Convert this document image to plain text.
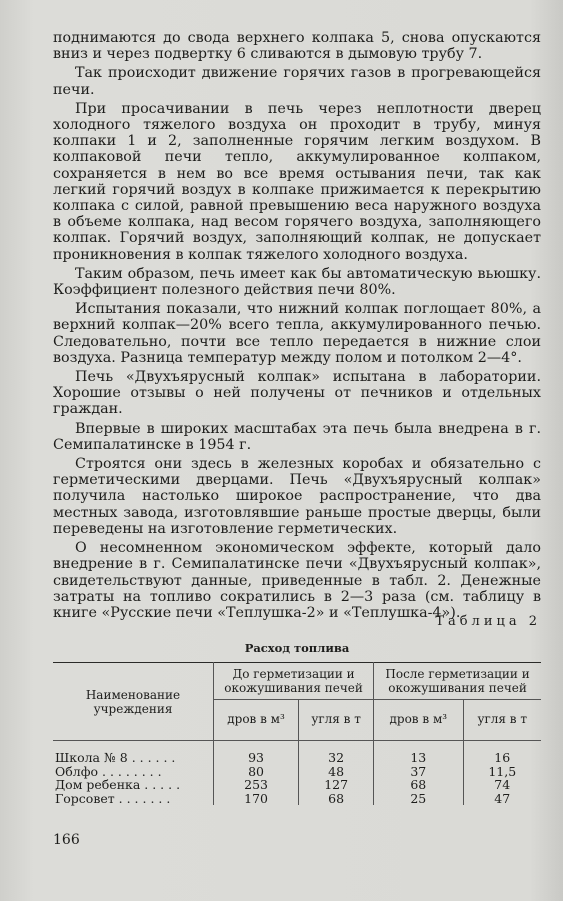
поднимаются до свода верхнего колпака 5, снова опускаются вниз и через подвертку 6 сливаются в дымовую трубу 7.

Так происходит движение горячих газов в прогревающейся печи.

При просачивании в печь через неплотности дверец холодного тяжелого воздуха он проходит в трубу, минуя колпаки 1 и 2, заполненные горячим легким воздухом. В колпаковой печи тепло, аккумулированное колпаком, сохраняется в нем во все время остывания печи, так как легкий горячий воздух в колпаке прижимается к перекрытию колпака с силой, равной превышению веса наружного воздуха в объеме колпака, над весом горячего воздуха, заполняющего колпак. Горячий воздух, заполняющий колпак, не допускает проникновения в колпак тяжелого холодного воздуха.

Таким образом, печь имеет как бы автоматическую вьюшку. Коэффициент полезного действия печи 80%.

Испытания показали, что нижний колпак поглощает 80%, а верхний колпак—20% всего тепла, аккумулированного печью. Следовательно, почти все тепло передается в нижние слои воздуха. Разница температур между полом и потолком 2—4°.

Печь «Двухъярусный колпак» испытана в лаборатории. Хорошие отзывы о ней получены от печников и отдельных граждан.

Впервые в широких масштабах эта печь была внедрена в г. Семипалатинске в 1954 г.

Строятся они здесь в железных коробах и обязательно с герметическими дверцами. Печь «Двухъярусный колпак» получила настолько широкое распространение, что два местных завода, изготовлявшие раньше простые дверцы, были переведены на изготовление герметических.

О несомненном экономическом эффекте, который дало внедрение в г. Семипалатинске печи «Двухъярусный колпак», свидетельствуют данные, приведенные в табл. 2. Денежные затраты на топливо сократились в 2—3 раза (см. таблицу в книге «Русские печи «Теплушка-2» и «Теплушка-4»).

Таблица 2
Расход топлива
Наименование учреждения	До герметизации и окожушивания печей		После герметизации и окожушивания печей	
	дров в м³	угля в т	дров в м³	угля в т
Школа № 8 . . . . . .	93	32	13	16
Облфо . . . . . . . .	80	48	37	11,5
Дом ребенка . . . . .	253	127	68	74
Горсовет . . . . . . .	170	68	25	47
166
